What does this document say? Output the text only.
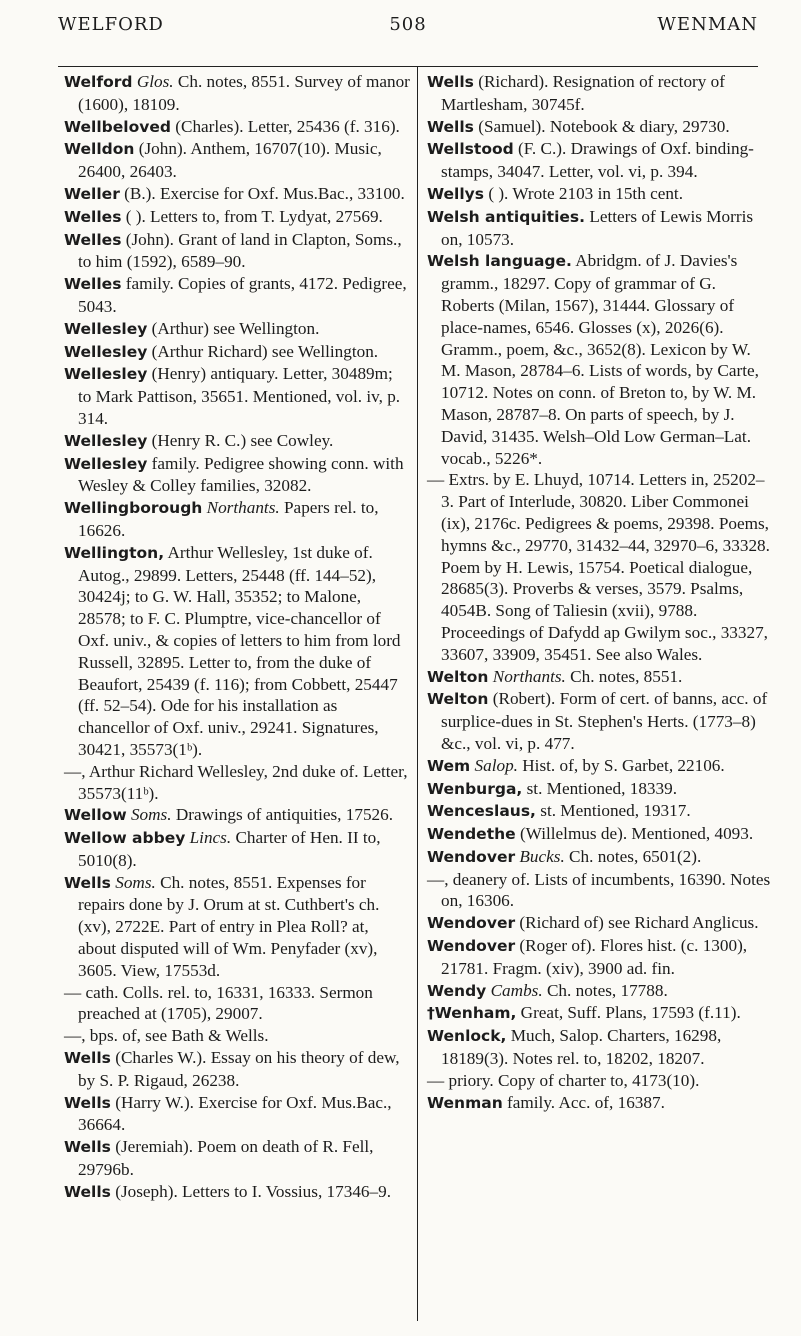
WELFORD	508	WENMAN

Welford Glos. Ch. notes, 8551. Survey of manor (1600), 18109.

Wellbeloved (Charles). Letter, 25436 (f. 316).

Welldon (John). Anthem, 16707(10). Music, 26400, 26403.

Weller (B.). Exercise for Oxf. Mus.Bac., 33100.

Welles ( ). Letters to, from T. Lydyat, 27569.

Welles (John). Grant of land in Clapton, Soms., to him (1592), 6589–90.

Welles family. Copies of grants, 4172. Pedigree, 5043.

Wellesley (Arthur) see Wellington.

Wellesley (Arthur Richard) see Wellington.

Wellesley (Henry) antiquary. Letter, 30489m; to Mark Pattison, 35651. Mentioned, vol. iv, p. 314.

Wellesley (Henry R. C.) see Cowley.

Wellesley family. Pedigree showing conn. with Wesley & Colley families, 32082.

Wellingborough Northants. Papers rel. to, 16626.

Wellington, Arthur Wellesley, 1st duke of. Autog., 29899. Letters, 25448 (ff. 144–52), 30424j; to G. W. Hall, 35352; to Malone, 28578; to F. C. Plumptre, vice-chancellor of Oxf. univ., & copies of letters to him from lord Russell, 32895. Letter to, from the duke of Beaufort, 25439 (f. 116); from Cobbett, 25447 (ff. 52–54). Ode for his installation as chancellor of Oxf. univ., 29241. Signatures, 30421, 35573(1ᵇ).

—, Arthur Richard Wellesley, 2nd duke of. Letter, 35573(11ᵇ).

Wellow Soms. Drawings of antiquities, 17526.

Wellow abbey Lincs. Charter of Hen. II to, 5010(8).

Wells Soms. Ch. notes, 8551. Expenses for repairs done by J. Orum at st. Cuthbert's ch. (xv), 2722E. Part of entry in Plea Roll? at, about disputed will of Wm. Penyfader (xv), 3605. View, 17553d.

— cath. Colls. rel. to, 16331, 16333. Sermon preached at (1705), 29007.

—, bps. of, see Bath & Wells.

Wells (Charles W.). Essay on his theory of dew, by S. P. Rigaud, 26238.

Wells (Harry W.). Exercise for Oxf. Mus.Bac., 36664.

Wells (Jeremiah). Poem on death of R. Fell, 29796b.

Wells (Joseph). Letters to I. Vossius, 17346–9.

Wells (Richard). Resignation of rectory of Martlesham, 30745f.

Wells (Samuel). Notebook & diary, 29730.

Wellstood (F. C.). Drawings of Oxf. binding-stamps, 34047. Letter, vol. vi, p. 394.

Wellys ( ). Wrote 2103 in 15th cent.

Welsh antiquities. Letters of Lewis Morris on, 10573.

Welsh language. Abridgm. of J. Davies's gramm., 18297. Copy of grammar of G. Roberts (Milan, 1567), 31444. Glossary of place-names, 6546. Glosses (x), 2026(6). Gramm., poem, &c., 3652(8). Lexicon by W. M. Mason, 28784–6. Lists of words, by Carte, 10712. Notes on conn. of Breton to, by W. M. Mason, 28787–8. On parts of speech, by J. David, 31435. Welsh–Old Low German–Lat. vocab., 5226*.

— Extrs. by E. Lhuyd, 10714. Letters in, 25202–3. Part of Interlude, 30820. Liber Commonei (ix), 2176c. Pedigrees & poems, 29398. Poems, hymns &c., 29770, 31432–44, 32970–6, 33328. Poem by H. Lewis, 15754. Poetical dialogue, 28685(3). Proverbs & verses, 3579. Psalms, 4054B. Song of Taliesin (xvii), 9788. Proceedings of Dafydd ap Gwilym soc., 33327, 33607, 33909, 35451. See also Wales.

Welton Northants. Ch. notes, 8551.

Welton (Robert). Form of cert. of banns, acc. of surplice-dues in St. Stephen's Herts. (1773–8) &c., vol. vi, p. 477.

Wem Salop. Hist. of, by S. Garbet, 22106.

Wenburga, st. Mentioned, 18339.

Wenceslaus, st. Mentioned, 19317.

Wendethe (Willelmus de). Mentioned, 4093.

Wendover Bucks. Ch. notes, 6501(2).

—, deanery of. Lists of incumbents, 16390. Notes on, 16306.

Wendover (Richard of) see Richard Anglicus.

Wendover (Roger of). Flores hist. (c. 1300), 21781. Fragm. (xiv), 3900 ad. fin.

Wendy Cambs. Ch. notes, 17788.

†Wenham, Great, Suff. Plans, 17593 (f.11).

Wenlock, Much, Salop. Charters, 16298, 18189(3). Notes rel. to, 18202, 18207.

— priory. Copy of charter to, 4173(10).

Wenman family. Acc. of, 16387.
